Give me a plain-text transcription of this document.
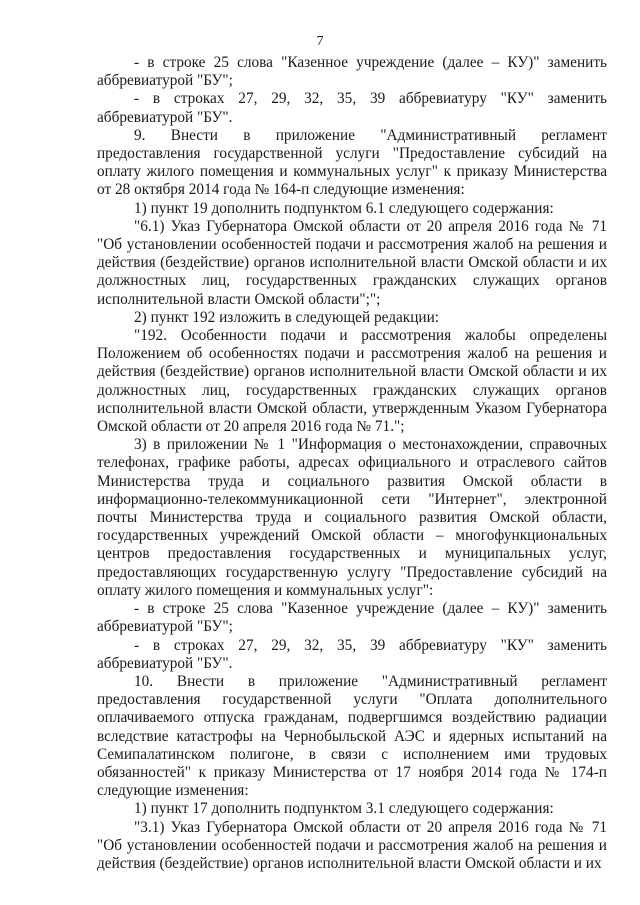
7

- в строке 25 слова "Казенное учреждение (далее – КУ)" заменить аббревиатурой "БУ";

- в строках 27, 29, 32, 35, 39 аббревиатуру "КУ" заменить аббревиатурой "БУ".

9. Внести в приложение "Административный регламент предоставления государственной услуги "Предоставление субсидий на оплату жилого помещения и коммунальных услуг" к приказу Министерства от 28 октября 2014 года № 164-п следующие изменения:

1) пункт 19 дополнить подпунктом 6.1 следующего содержания:

"6.1) Указ Губернатора Омской области от 20 апреля 2016 года № 71 "Об установлении особенностей подачи и рассмотрения жалоб на решения и действия (бездействие) органов исполнительной власти Омской области и их должностных лиц, государственных гражданских служащих органов исполнительной власти Омской области";";

2) пункт 192 изложить в следующей редакции:

"192. Особенности подачи и рассмотрения жалобы определены Положением об особенностях подачи и рассмотрения жалоб на решения и действия (бездействие) органов исполнительной власти Омской области и их должностных лиц, государственных гражданских служащих органов исполнительной власти Омской области, утвержденным Указом Губернатора Омской области от 20 апреля 2016 года № 71.";

3) в приложении № 1 "Информация о местонахождении, справочных телефонах, графике работы, адресах официального и отраслевого сайтов Министерства труда и социального развития Омской области в информационно-телекоммуникационной сети "Интернет", электронной почты Министерства труда и социального развития Омской области, государственных учреждений Омской области – многофункциональных центров предоставления государственных и муниципальных услуг, предоставляющих государственную услугу "Предоставление субсидий на оплату жилого помещения и коммунальных услуг":

- в строке 25 слова "Казенное учреждение (далее – КУ)" заменить аббревиатурой "БУ";

- в строках 27, 29, 32, 35, 39 аббревиатуру "КУ" заменить аббревиатурой "БУ".

10. Внести в приложение "Административный регламент предоставления государственной услуги "Оплата дополнительного оплачиваемого отпуска гражданам, подвергшимся воздействию радиации вследствие катастрофы на Чернобыльской АЭС и ядерных испытаний на Семипалатинском полигоне, в связи с исполнением ими трудовых обязанностей" к приказу Министерства от 17 ноября 2014 года № 174-п следующие изменения:

1) пункт 17 дополнить подпунктом 3.1 следующего содержания:

"3.1) Указ Губернатора Омской области от 20 апреля 2016 года № 71 "Об установлении особенностей подачи и рассмотрения жалоб на решения и действия (бездействие) органов исполнительной власти Омской области и их
